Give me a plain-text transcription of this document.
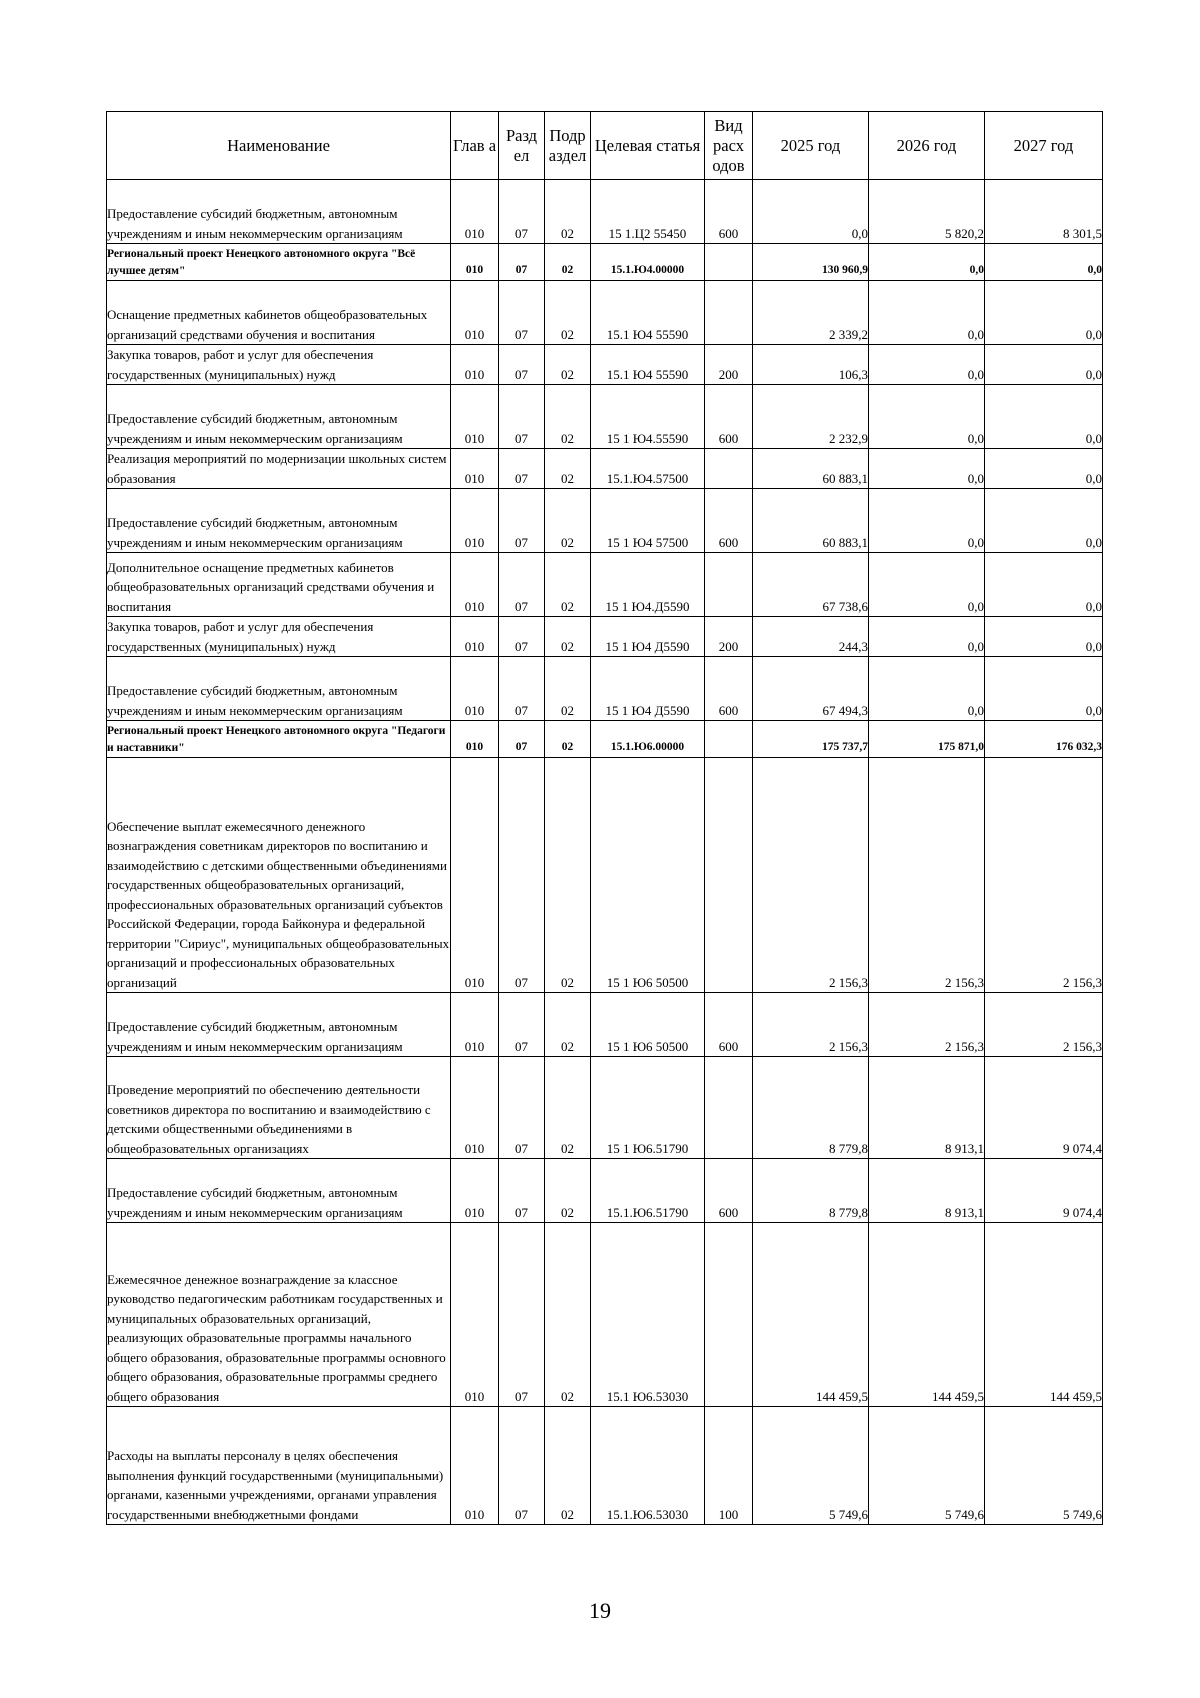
Наименование	Глав а	Разд ел	Подр аздел	Целевая статья	Вид расх одов	2025 год	2026 год	2027 год
Предоставление субсидий бюджетным, автономным учреждениям и иным некоммерческим организациям	010	07	02	15 1.Ц2 55450	600	0,0	5 820,2	8 301,5
Региональный проект Ненецкого автономного округа "Всё лучшее детям"	010	07	02	15.1.Ю4.00000		130 960,9	0,0	0,0
Оснащение предметных кабинетов общеобразовательных организаций средствами обучения и воспитания	010	07	02	15.1 Ю4 55590		2 339,2	0,0	0,0
Закупка товаров, работ и услуг для обеспечения государственных (муниципальных) нужд	010	07	02	15.1 Ю4 55590	200	106,3	0,0	0,0
Предоставление субсидий бюджетным, автономным учреждениям и иным некоммерческим организациям	010	07	02	15 1 Ю4.55590	600	2 232,9	0,0	0,0
Реализация мероприятий по модернизации школьных систем образования	010	07	02	15.1.Ю4.57500		60 883,1	0,0	0,0
Предоставление субсидий бюджетным, автономным учреждениям и иным некоммерческим организациям	010	07	02	15 1 Ю4 57500	600	60 883,1	0,0	0,0
Дополнительное оснащение предметных кабинетов общеобразовательных организаций средствами обучения и воспитания	010	07	02	15 1 Ю4.Д5590		67 738,6	0,0	0,0
Закупка товаров, работ и услуг для обеспечения государственных (муниципальных) нужд	010	07	02	15 1 Ю4 Д5590	200	244,3	0,0	0,0
Предоставление субсидий бюджетным, автономным учреждениям и иным некоммерческим организациям	010	07	02	15 1 Ю4 Д5590	600	67 494,3	0,0	0,0
Региональный проект Ненецкого автономного округа "Педагоги и наставники"	010	07	02	15.1.Ю6.00000		175 737,7	175 871,0	176 032,3
Обеспечение выплат ежемесячного денежного вознаграждения советникам директоров по воспитанию и взаимодействию с детскими общественными объединениями государственных общеобразовательных организаций, профессиональных образовательных организаций субъектов Российской Федерации, города Байконура и федеральной территории "Сириус", муниципальных общеобразовательных организаций и профессиональных образовательных организаций	010	07	02	15 1 Ю6 50500		2 156,3	2 156,3	2 156,3
Предоставление субсидий бюджетным, автономным учреждениям и иным некоммерческим организациям	010	07	02	15 1 Ю6 50500	600	2 156,3	2 156,3	2 156,3
Проведение мероприятий по обеспечению деятельности советников директора по воспитанию и взаимодействию с детскими общественными объединениями в общеобразовательных организациях	010	07	02	15 1 Ю6.51790		8 779,8	8 913,1	9 074,4
Предоставление субсидий бюджетным, автономным учреждениям и иным некоммерческим организациям	010	07	02	15.1.Ю6.51790	600	8 779,8	8 913,1	9 074,4
Ежемесячное денежное вознаграждение за классное руководство педагогическим работникам государственных и муниципальных образовательных организаций, реализующих образовательные программы начального общего образования, образовательные программы основного общего образования, образовательные программы среднего общего образования	010	07	02	15.1 Ю6.53030		144 459,5	144 459,5	144 459,5
Расходы на выплаты персоналу в целях обеспечения выполнения функций государственными (муниципальными) органами, казенными учреждениями, органами управления государственными внебюджетными фондами	010	07	02	15.1.Ю6.53030	100	5 749,6	5 749,6	5 749,6
19
